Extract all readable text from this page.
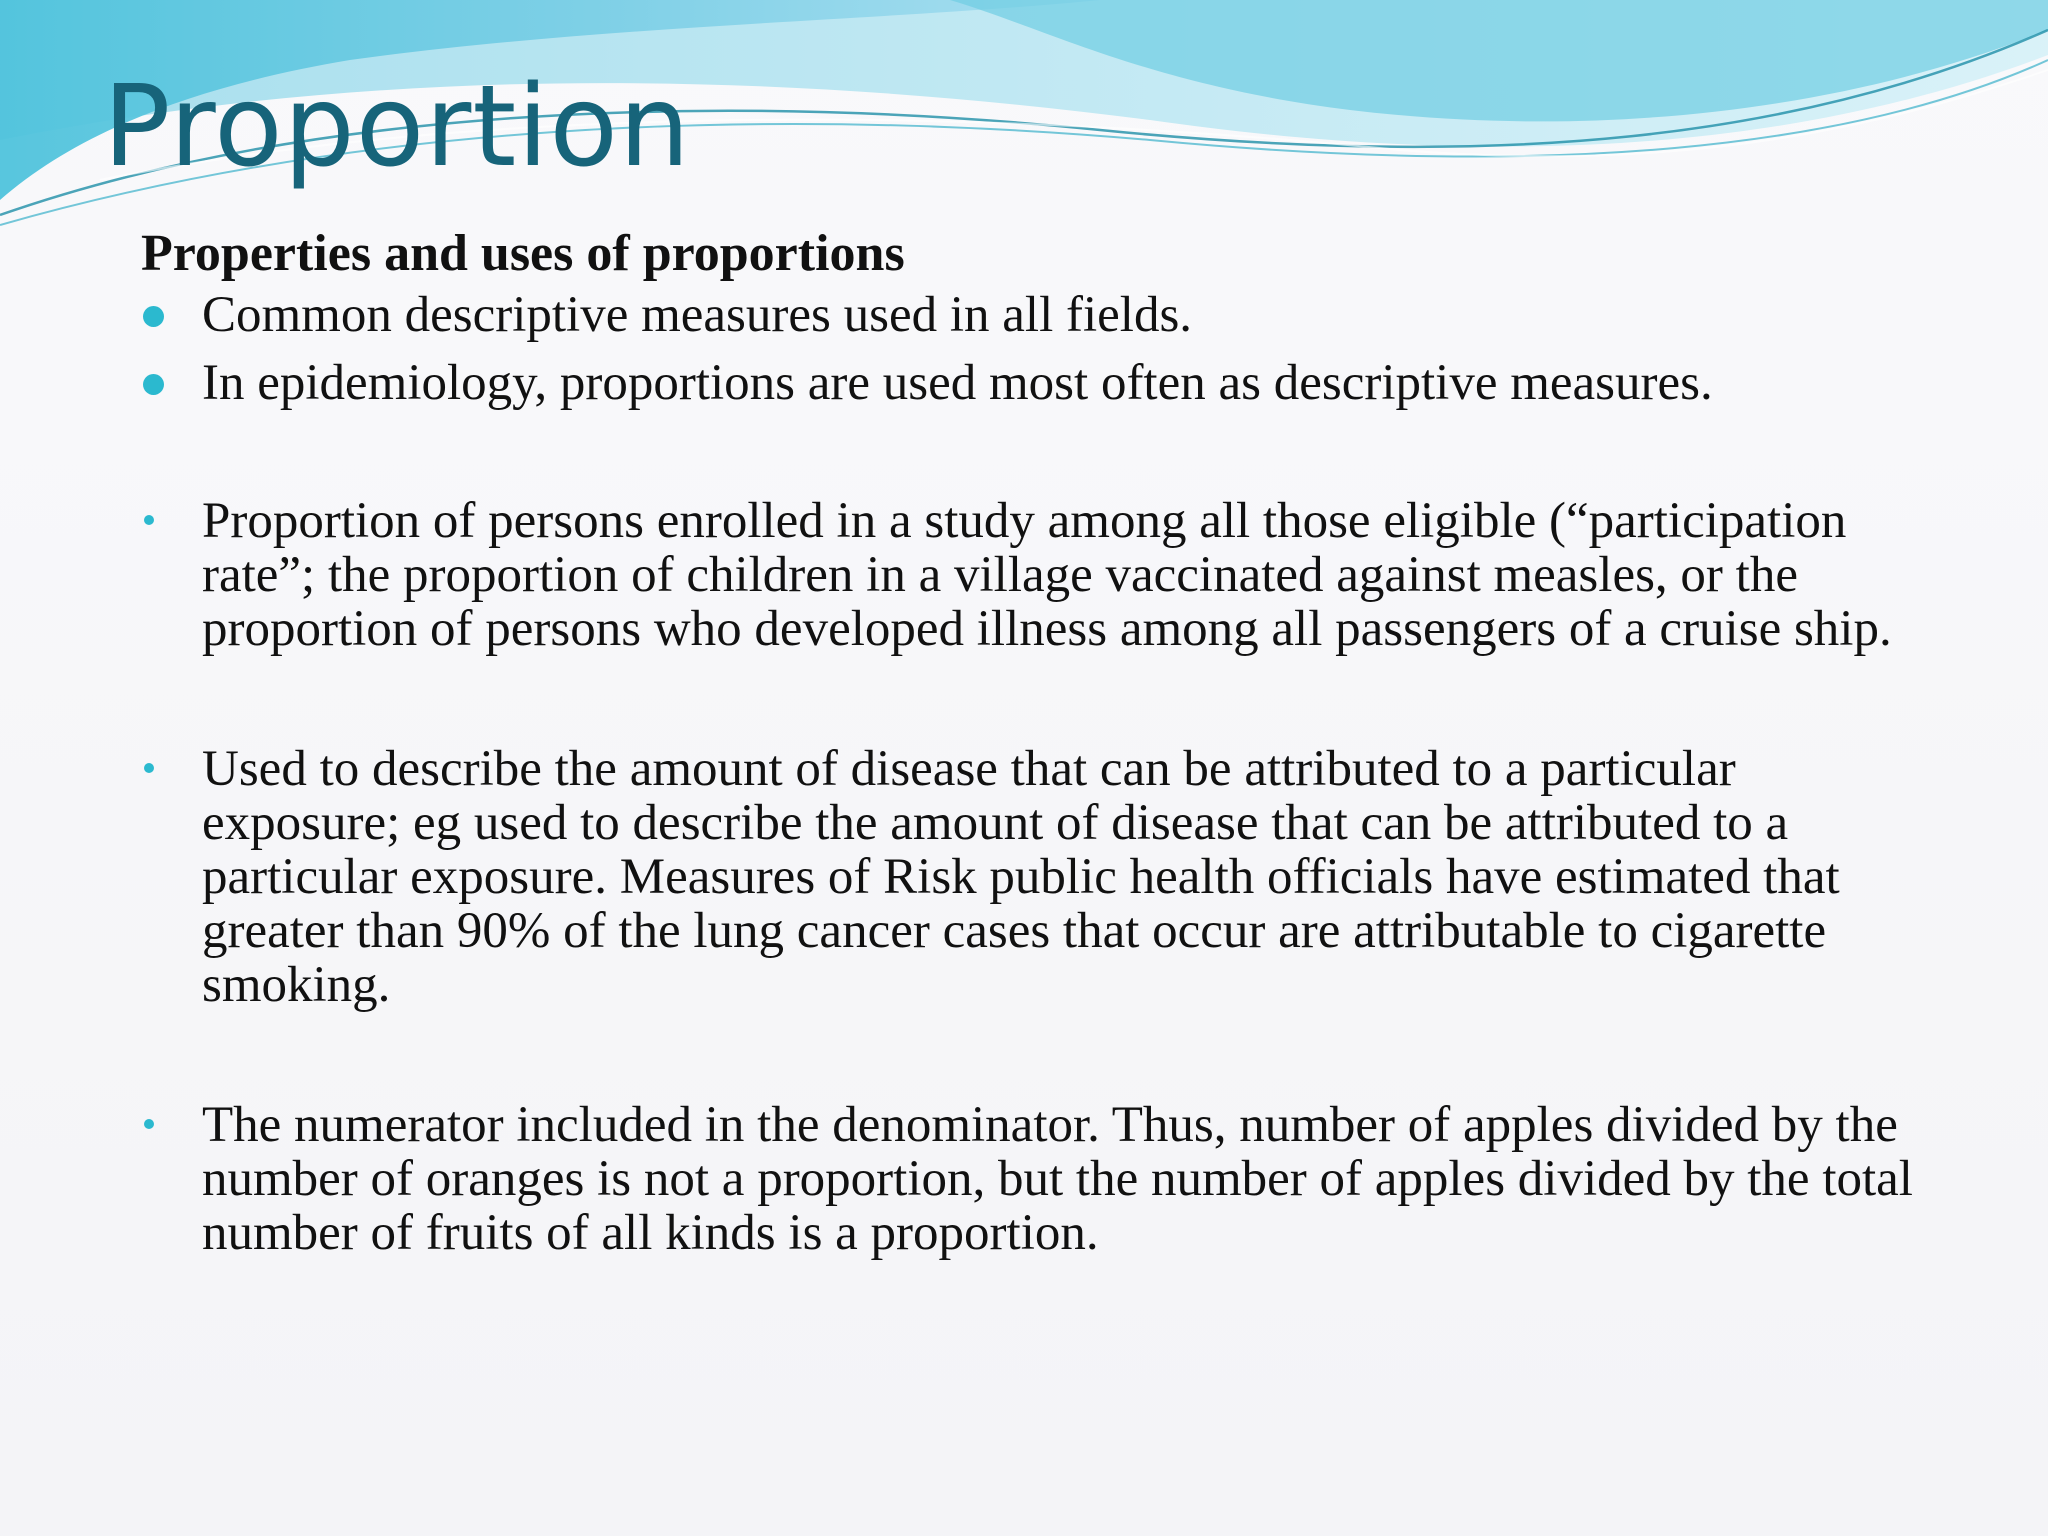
Proportion

Properties and uses of proportions

Common descriptive measures used in all fields.
In epidemiology, proportions are used most often as descriptive measures.
Proportion of persons enrolled in a study among all those eligible (“participation rate”; the proportion of children in a village vaccinated against measles, or the proportion of persons who developed illness among all passengers of a cruise ship.
Used to describe the amount of disease that can be attributed to a particular exposure; eg used to describe the amount of disease that can be attributed to a particular exposure. Measures of Risk public health officials have estimated that greater than 90% of the lung cancer cases that occur are attributable to cigarette smoking.
The numerator included in the denominator. Thus, number of apples divided by the number of oranges is not a proportion, but the number of apples divided by the total number of fruits of all kinds is a proportion.
